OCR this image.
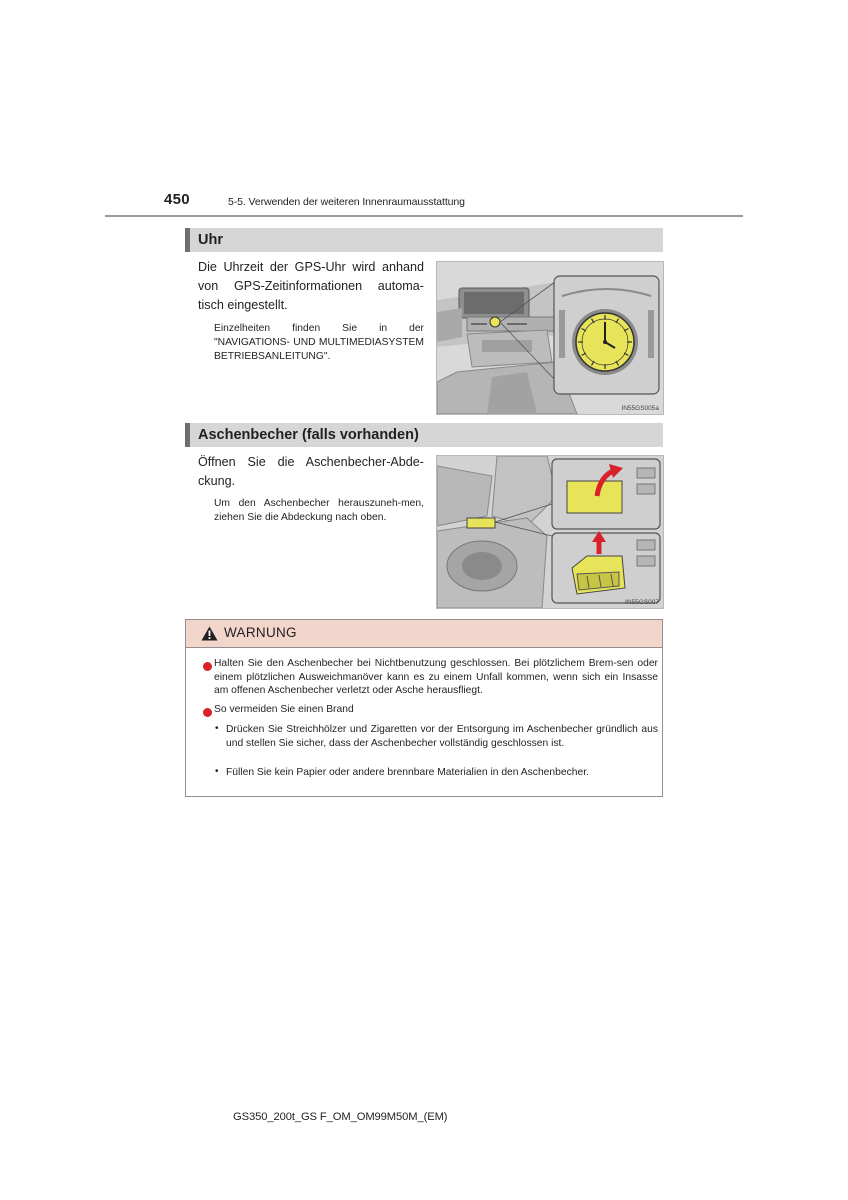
450	5-5. Verwenden der weiteren Innenraumausstattung
Uhr
Die Uhrzeit der GPS-Uhr wird anhand von GPS-Zeitinformationen automa-tisch eingestellt.
Einzelheiten finden Sie in der "NAVIGATIONS- UND MULTIMEDIASYSTEM BETRIEBSANLEITUNG".
IN55GS005a
Aschenbecher (falls vorhanden)
Öffnen Sie die Aschenbecher-Abde-ckung.
Um den Aschenbecher herauszuneh-men, ziehen Sie die Abdeckung nach oben.
IN55GS007
WARNUNG
Halten Sie den Aschenbecher bei Nichtbenutzung geschlossen. Bei plötzlichem Brem-sen oder einem plötzlichen Ausweichmanöver kann es zu einem Unfall kommen, wenn sich ein Insasse am offenen Aschenbecher verletzt oder Asche herausfliegt.
So vermeiden Sie einen Brand
• Drücken Sie Streichhölzer und Zigaretten vor der Entsorgung im Aschenbecher gründlich aus und stellen Sie sicher, dass der Aschenbecher vollständig geschlossen ist.
• Füllen Sie kein Papier oder andere brennbare Materialien in den Aschenbecher.
GS350_200t_GS F_OM_OM99M50M_(EM)
